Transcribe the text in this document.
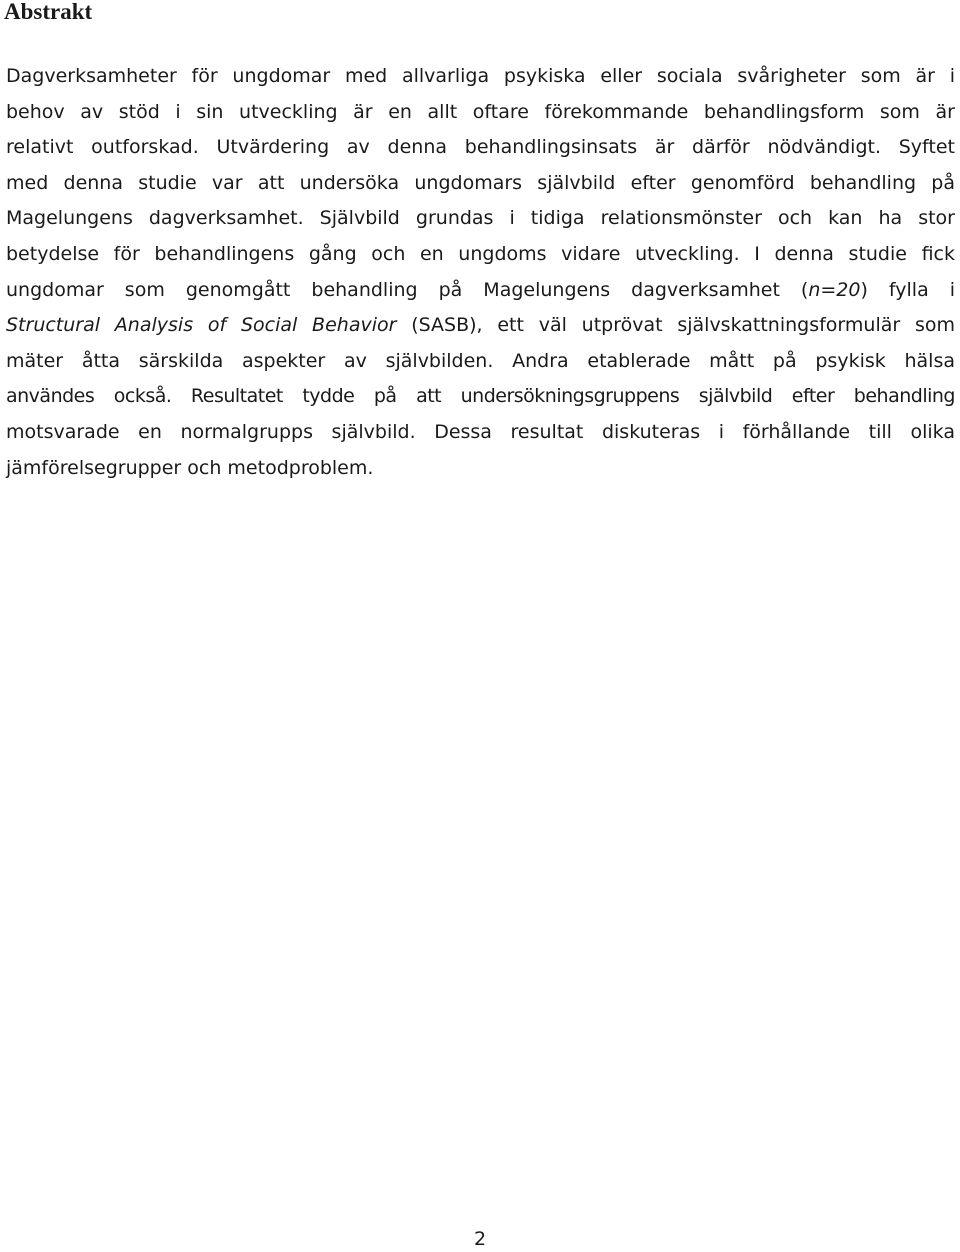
Abstrakt
Dagverksamheter för ungdomar med allvarliga psykiska eller sociala svårigheter som är i
behov av stöd i sin utveckling är en allt oftare förekommande behandlingsform som är
relativt outforskad. Utvärdering av denna behandlingsinsats är därför nödvändigt. Syftet
med denna studie var att undersöka ungdomars självbild efter genomförd behandling på
Magelungens dagverksamhet. Självbild grundas i tidiga relationsmönster och kan ha stor
betydelse för behandlingens gång och en ungdoms vidare utveckling. I denna studie fick
ungdomar som genomgått behandling på Magelungens dagverksamhet (n=20) fylla i
Structural Analysis of Social Behavior (SASB), ett väl utprövat självskattningsformulär som
mäter åtta särskilda aspekter av självbilden. Andra etablerade mått på psykisk hälsa
användes också. Resultatet tydde på att undersökningsgruppens självbild efter behandling
motsvarade en normalgrupps självbild. Dessa resultat diskuteras i förhållande till olika
jämförelsegrupper och metodproblem.
2
